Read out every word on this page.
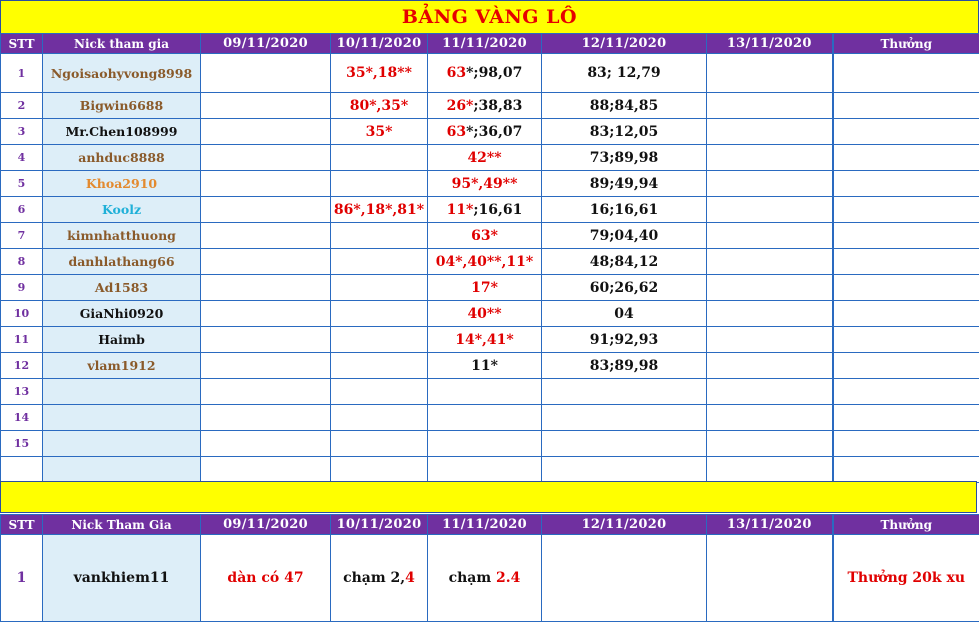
BẢNG VÀNG LÔ
STT	Nick tham gia	09/11/2020	10/11/2020	11/11/2020	12/11/2020	13/11/2020	Thưởng
1	Ngoisaohyvong8998		35*,18**	63*;98,07	83; 12,79		
2	Bigwin6688		80*,35*	26*;38,83	88;84,85		
3	Mr.Chen108999		35*	63*;36,07	83;12,05		
4	anhduc8888			42**	73;89,98		
5	Khoa2910			95*,49**	89;49,94		
6	Koolz		86*,18*,81*	11*;16,61	16;16,61		
7	kimnhatthuong			63*	79;04,40		
8	danhlathang66			04*,40**,11*	48;84,12		
9	Ad1583			17*	60;26,62		
10	GiaNhi0920			40**	04		
11	Haimb			14*,41*	91;92,93		
12	vlam1912			11*	83;89,98		
13							
14							
15							

STT	Nick Tham Gia	09/11/2020	10/11/2020	11/11/2020	12/11/2020	13/11/2020	Thưởng
1	vankhiem11	dàn có 47	chạm 2,4	chạm 2.4			Thưởng 20k xu
